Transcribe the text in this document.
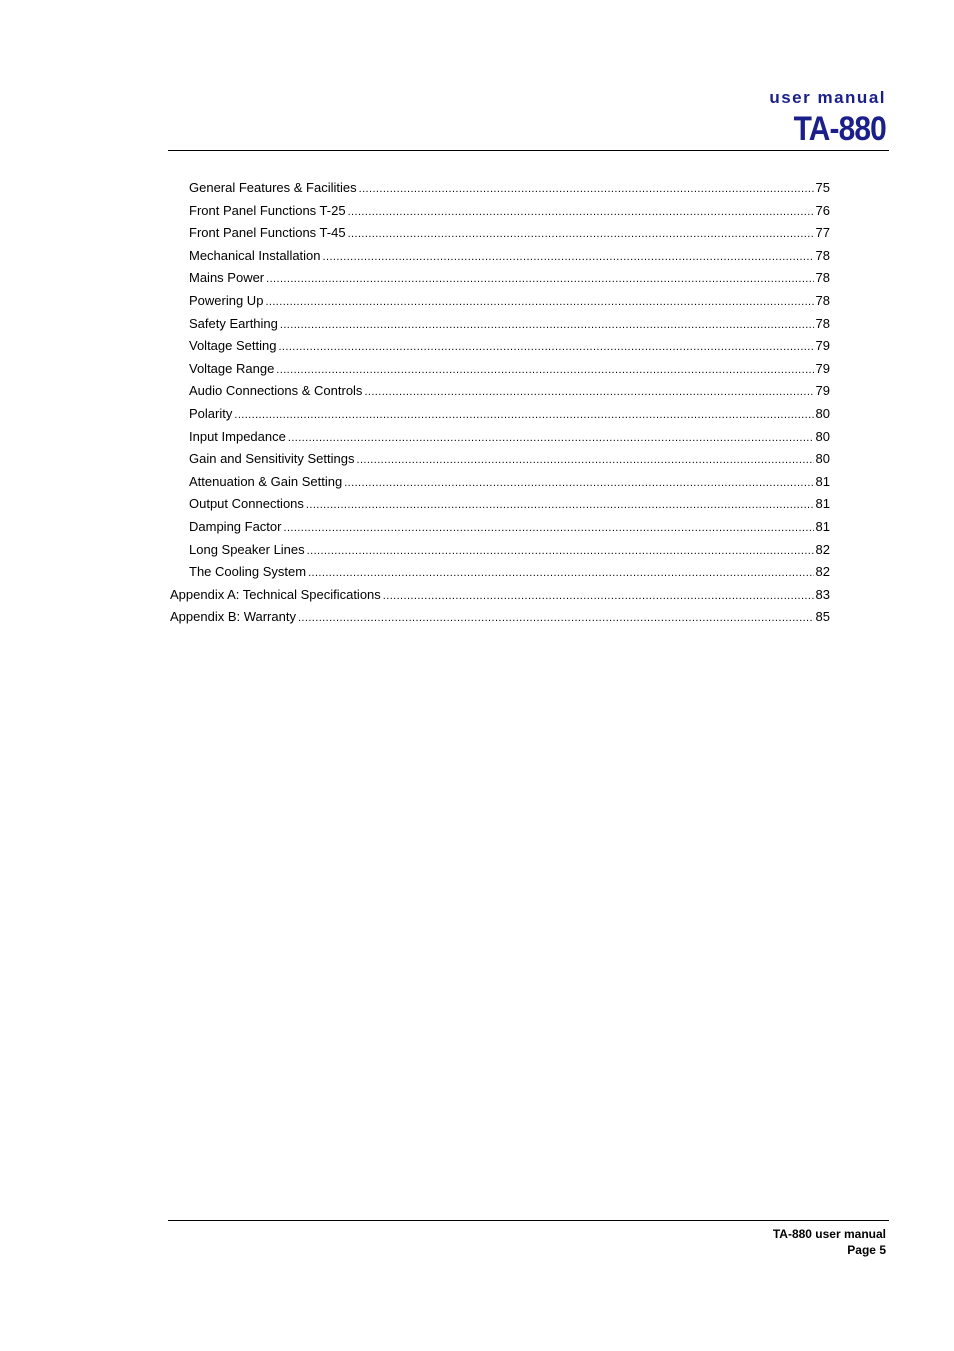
user manual
TA-880
General Features & Facilities .....	75
Front Panel Functions T-25 .....	76
Front Panel Functions T-45 .....	77
Mechanical Installation .....	78
Mains Power .....	78
Powering Up .....	78
Safety Earthing .....	78
Voltage Setting .....	79
Voltage Range .....	79
Audio Connections & Controls .....	79
Polarity .....	80
Input Impedance .....	80
Gain and Sensitivity Settings .....	80
Attenuation & Gain Setting .....	81
Output Connections .....	81
Damping Factor .....	81
Long Speaker Lines .....	82
The Cooling System .....	82
Appendix A: Technical Specifications .....	83
Appendix B: Warranty .....	85
TA-880 user manual
Page 5
